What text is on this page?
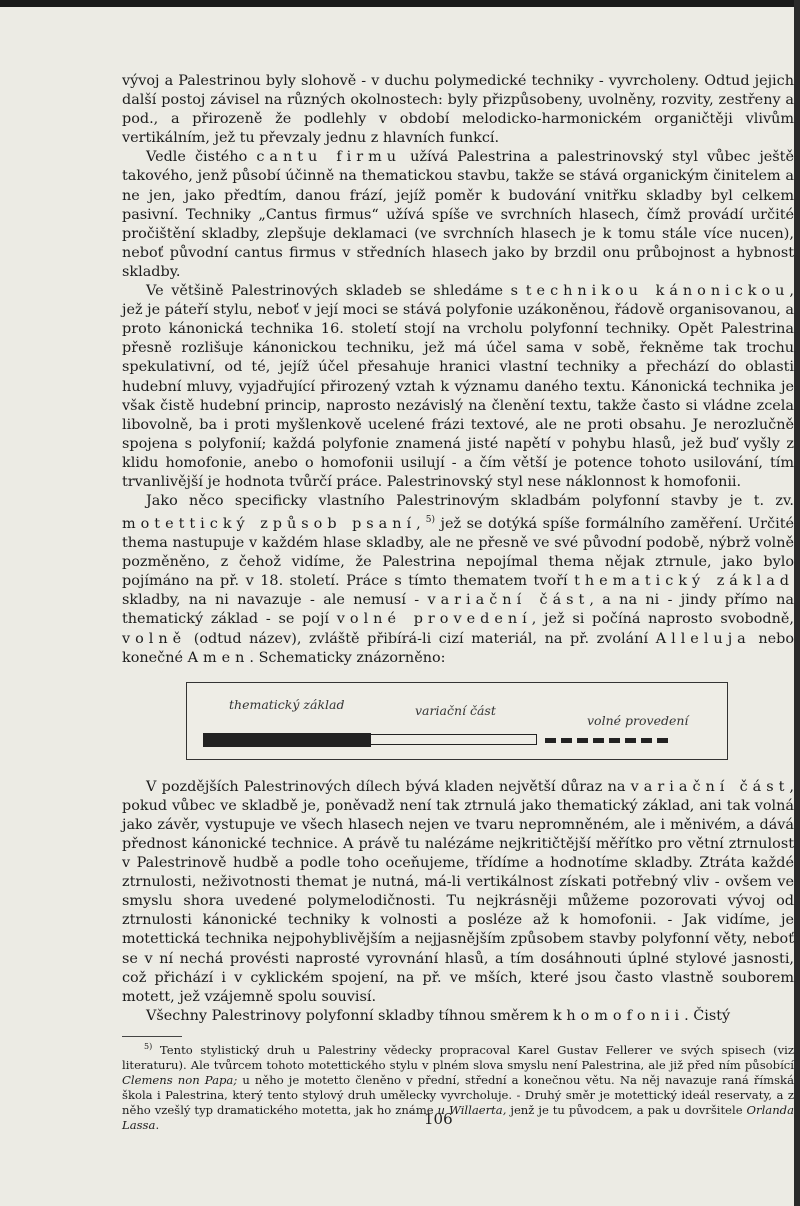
vývoj a Palestrinou byly slohově - v duchu polymedické techniky - vyvrcholeny. Odtud jejich další postoj závisel na různých okolnostech: byly přizpůsobeny, uvolněny, rozvity, zestřeny a pod., a přirozeně že podlehly v období melodicko-harmonickém organičtěji vlivům vertikálním, jež tu převzaly jednu z hlavních funkcí.

Vedle čistého cantu firmu užívá Palestrina a palestrinovský styl vůbec ještě takového, jenž působí účinně na thematickou stavbu, takže se stává organickým činitelem a ne jen, jako předtím, danou frází, jejíž poměr k budování vnitřku skladby byl celkem pasivní. Techniky „Cantus firmus“ užívá spíše ve svrchních hlasech, čímž provádí určité pročištění skladby, zlepšuje deklamaci (ve svrchních hlasech je k tomu stále více nucen), neboť původní cantus firmus v středních hlasech jako by brzdil onu průbojnost a hybnost skladby.

Ve většině Palestrinových skladeb se shledáme s technikou kánonickou, jež je páteří stylu, neboť v její moci se stává polyfonie uzákoněnou, řádově organisovanou, a proto kánonická technika 16. století stojí na vrcholu polyfonní techniky. Opět Palestrina přesně rozlišuje kánonickou techniku, jež má účel sama v sobě, řekněme tak trochu spekulativní, od té, jejíž účel přesahuje hranici vlastní techniky a přechází do oblasti hudební mluvy, vyjadřující přirozený vztah k významu daného textu. Kánonická technika je však čistě hudební princip, naprosto nezávislý na členění textu, takže často si vládne zcela libovolně, ba i proti myšlenkově ucelené frázi textové, ale ne proti obsahu. Je nerozlučně spojena s polyfonií; každá polyfonie znamená jisté napětí v pohybu hlasů, jež buď vyšly z klidu homofonie, anebo o homofonii usilují - a čím větší je potence tohoto usilování, tím trvanlivější je hodnota tvůrčí práce. Palestrinovský styl nese náklonnost k homofonii.

Jako něco specificky vlastního Palestrinovým skladbám polyfonní stavby je t. zv. motettický způsob psaní,$^{5)}$ jež se dotýká spíše formálního zaměření. Určité thema nastupuje v každém hlase skladby, ale ne přesně ve své původní podobě, nýbrž volně pozměněno, z čehož vidíme, že Palestrina nepojímal thema nějak ztrnule, jako bylo pojímáno na př. v 18. století. Práce s tímto thematem tvoří thematický základ skladby, na ni navazuje - ale nemusí - variační část, a na ni - jindy přímo na thematický základ - se pojí volné provedení, jež si počíná naprosto svobodně, volně (odtud název), zvláště přibírá-li cizí materiál, na př. zvolání Alleluja nebo konečné Amen. Schematicky znázorněno:

thematický základ	variační část
volné provedení

V pozdějších Palestrinových dílech bývá kladen největší důraz na variační část, pokud vůbec ve skladbě je, poněvadž není tak ztrnulá jako thematický základ, ani tak volná jako závěr, vystupuje ve všech hlasech nejen ve tvaru nepromněném, ale i měnivém, a dává přednost kánonické technice. A právě tu nalézáme nejkritičtější měřítko pro větní ztrnulost v Palestrinově hudbě a podle toho oceňujeme, třídíme a hodnotíme skladby. Ztráta každé ztrnulosti, neživotnosti themat je nutná, má-li vertikálnost získati potřebný vliv - ovšem ve smyslu shora uvedené polymelodičnosti. Tu nejkrásněji můžeme pozorovati vývoj od ztrnulosti kánonické techniky k volnosti a posléze až k homofonii. - Jak vidíme, je motettická technika nejpohyblivějším a nejjasnějším způsobem stavby polyfonní věty, neboť se v ní nechá provésti naprosté vyrovnání hlasů, a tím dosáhnouti úplné stylové jasnosti, což přichází i v cyklickém spojení, na př. ve mších, které jsou často vlastně souborem motett, jež vzájemně spolu souvisí.

Všechny Palestrinovy polyfonní skladby tíhnou směrem k homofonii. Čistý

$^{5)}$ Tento stylistický druh u Palestriny vědecky propracoval Karel Gustav Fellerer ve svých spisech (viz literaturu). Ale tvůrcem tohoto motettického stylu v plném slova smyslu není Palestrina, ale již před ním působící Clemens non Papa; u něho je motetto členěno v přední, střední a konečnou větu. Na něj navazuje raná římská škola i Palestrina, který tento stylový druh umělecky vyvrcholuje. - Druhý směr je motettický ideál reservaty, a z něho vzešlý typ dramatického motetta, jak ho známe u Willaerta, jenž je tu původcem, a pak u dovršitele Orlanda Lassa.	106
